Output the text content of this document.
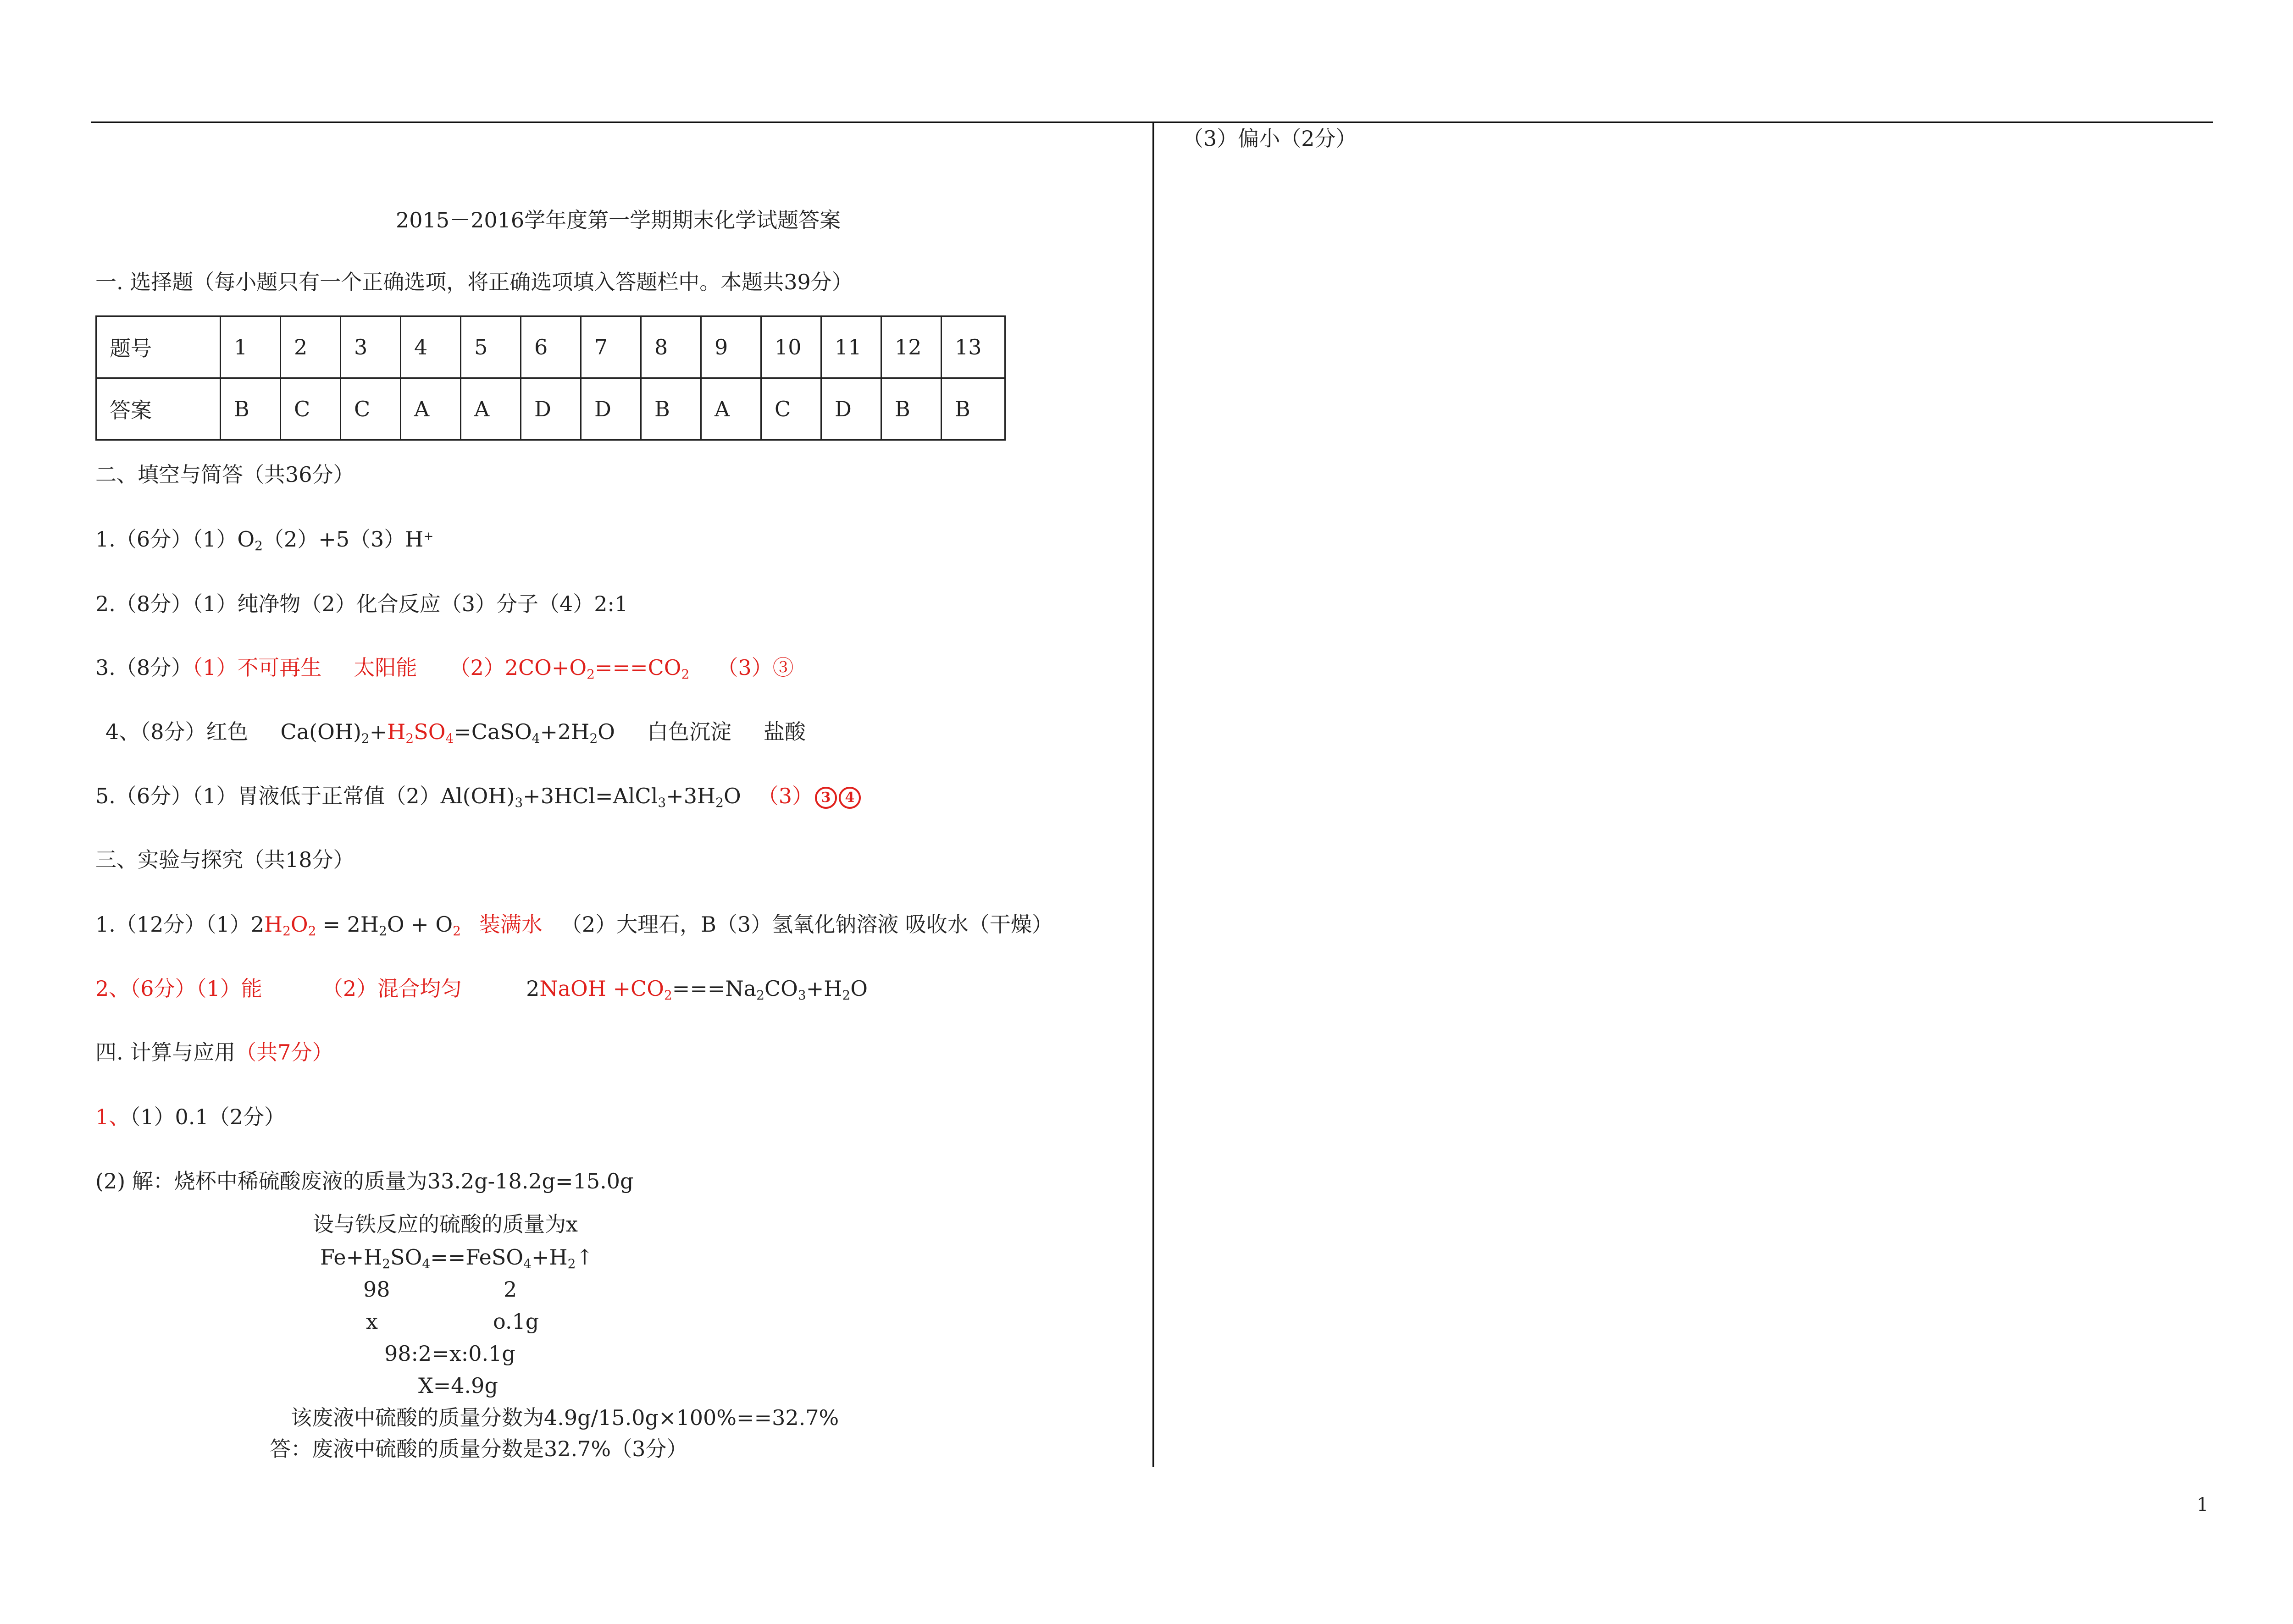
2015－2016学年度第一学期期末化学试题答案
一. 选择题（每小题只有一个正确选项，将正确选项填入答题栏中。本题共39分）
题号	1	2	3	4	5	6	7	8	9	10	11	12	13
答案	B	C	C	A	A	D	D	B	A	C	D	B	B
二、填空与简答（共36分）
1.（6分）$(1)O_2(2)+5(3)H^+$
2.（8分）（1）纯净物（2）化合反应（3）分子（4）2:1
3.（8分）（1）不可再生 太阳能 $(2)2CO+O_2===CO_2$ （3）③
4、（8分）红色 $Ca(OH)_2+H_2SO_4=CaSO_4+2H_2O$ 白色沉淀 盐酸
5.（6分）（1）胃液低于正常值$(2)Al(OH)_3+3HCl=AlCl_3+3H_2O$ （3） 3 4
三、实验与探究（共18分）
1.（12分）$(1)2H_2O_2 = 2H_2O + O_2$ 装满水 （2）大理石，B（3）氢氧化钠溶液 吸收水（干燥）
2、（6分）（1）能	（2）混合均匀	2NaOH $+CO_2===Na_2CO_3+H_2O$
四. 计算与应用（共7分）
1、（1）0.1（2分）
(2) 解：烧杯中稀硫酸废液的质量为33.2g-18.2g=15.0g
设与铁反应的硫酸的质量为x
$Fe+H_2SO_4==FeSO_4+H_2↑$
98	2
x	o.1g
98:2=x:0.1g
X=4.9g
该废液中硫酸的质量分数为4.9g/15.0g×100%==32.7%
答：废液中硫酸的质量分数是32.7%（3分）
（3）偏小（2分）
1
